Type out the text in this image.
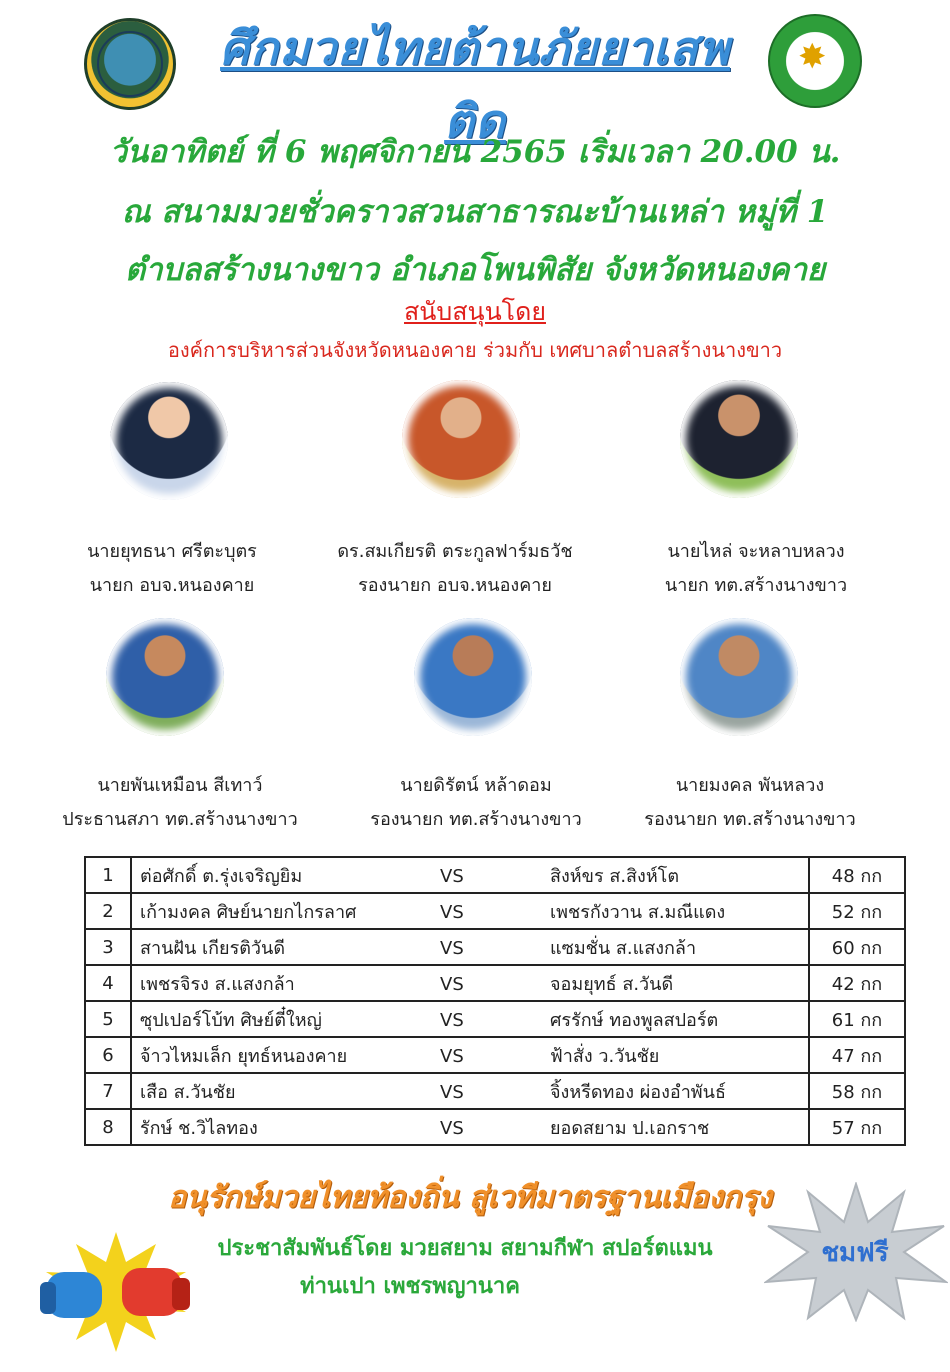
✸
ศึกมวยไทยต้านภัยยาเสพติด
วันอาทิตย์ ที่ 6 พฤศจิกายน 2565 เริ่มเวลา 20.00 น.
ณ สนามมวยชั่วคราวสวนสาธารณะบ้านเหล่า หมู่ที่ 1
ตำบลสร้างนางขาว อำเภอโพนพิสัย จังหวัดหนองคาย
สนับสนุนโดย
องค์การบริหารส่วนจังหวัดหนองคาย ร่วมกับ เทศบาลตำบลสร้างนางขาว
นายยุทธนา ศรีตะบุตร
นายก อบจ.หนองคาย
ดร.สมเกียรติ ตระกูลฟาร์มธวัช
รองนายก อบจ.หนองคาย
นายไหล่ จะหลาบหลวง
นายก ทต.สร้างนางขาว
นายพันเหมือน สีเทาว์
ประธานสภา ทต.สร้างนางขาว
นายดิรัตน์ หล้าดอม
รองนายก ทต.สร้างนางขาว
นายมงคล พันหลวง
รองนายก ทต.สร้างนางขาว
1	ต่อศักดิ์ ต.รุ่งเจริญยิม VS สิงห์ขร ส.สิงห์โต	48 กก
2	เก้ามงคล ศิษย์นายกไกรลาศ VS เพชรกังวาน ส.มณีแดง	52 กก
3	สานฝัน เกียรติวันดี VS แซมชั่น ส.แสงกล้า	60 กก
4	เพชรจิรง ส.แสงกล้า VS จอมยุทธ์ ส.วันดี	42 กก
5	ซุปเปอร์โบ้ท ศิษย์ตี๋ใหญ่ VS ศรรักษ์ ทองพูลสปอร์ต	61 กก
6	จ้าวไหมเล็ก ยุทธ์หนองคาย VS ฟ้าสั่ง ว.วันชัย	47 กก
7	เสือ ส.วันชัย VS จิ้งหรีดทอง ผ่องอำพันธ์	58 กก
8	รักษ์ ช.วิไลทอง VS ยอดสยาม ป.เอกราช	57 กก
อนุรักษ์มวยไทยท้องถิ่น สู่เวทีมาตรฐานเมืองกรุง
ประชาสัมพันธ์โดย มวยสยาม สยามกีฬา สปอร์ตแมน
ท่านเปา เพชรพญานาค
ชมฟรี
